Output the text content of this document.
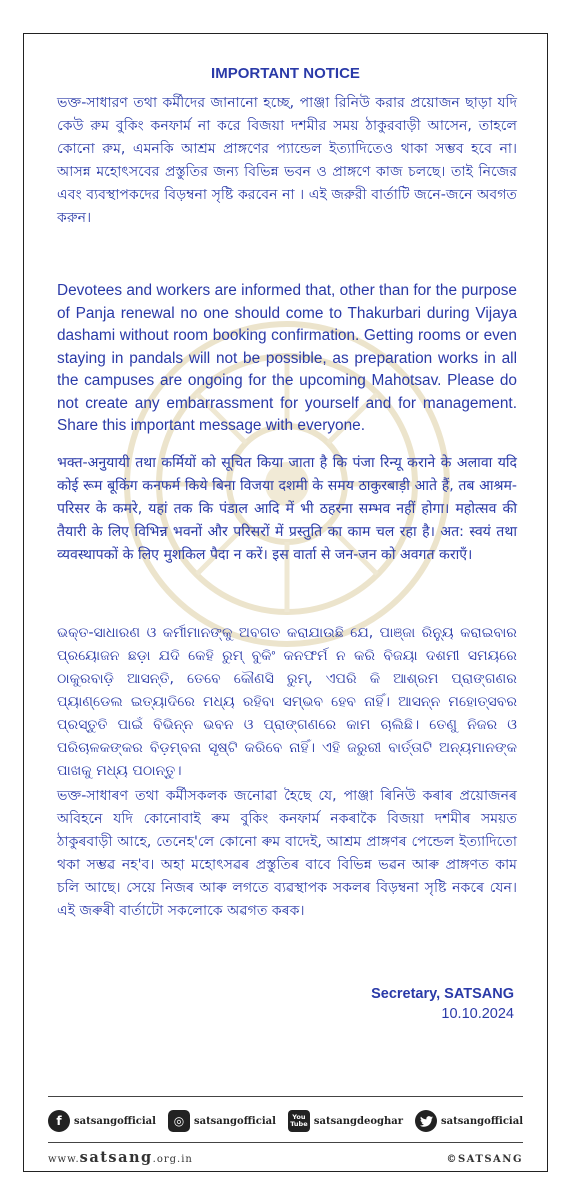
IMPORTANT NOTICE
ভক্ত-সাধারণ তথা কর্মীদের জানানো হচ্ছে, পাঞ্জা রিনিউ করার প্রয়োজন ছাড়া যদি কেউ রুম বুকিং কনফার্ম না করে বিজয়া দশমীর সময় ঠাকুরবাড়ী আসেন, তাহলে কোনো রুম, এমনকি আশ্রম প্রাঙ্গণের প্যান্ডেল ইত্যাদিতেও থাকা সম্ভব হবে না। আসন্ন মহোৎসবের প্রস্তুতির জন্য বিভিন্ন ভবন ও প্রাঙ্গণে কাজ চলছে। তাই নিজের এবং ব্যবস্থাপকদের বিড়ম্বনা সৃষ্টি করবেন না । এই জরুরী বার্তাটি জনে-জনে অবগত করুন।
Devotees and workers are informed that, other than for the purpose of Panja renewal no one should come to Thakurbari during Vijaya dashami without room booking confirmation. Getting rooms or even staying in pandals will not be possible, as preparation works in all the campuses are ongoing for the upcoming Mahotsav. Please do not create any embarrassment for yourself and for management. Share this important message with everyone.
भक्त-अनुयायी तथा कर्मियों को सूचित किया जाता है कि पंजा रिन्यू कराने के अलावा यदि कोई रूम बूकिंग कनफर्म किये बिना विजया दशमी के समय ठाकुरबाड़ी आते हैं, तब आश्रम-परिसर के कमरे, यहां तक कि पंडाल आदि में भी ठहरना सम्भव नहीं होगा। महोत्सव की तैयारी के लिए विभिन्न भवनों और परिसरों में प्रस्तुति का काम चल रहा है। अत: स्वयं तथा व्यवस्थापकों के लिए मुशकिल पैदा न करें। इस वार्ता से जन-जन को अवगत कराएँ।
ଭକ୍ତ-ସାଧାରଣ ଓ କର୍ମୀମାନଙ୍କୁ ଅବଗତ କରାଯାଉଛି ଯେ, ପାଞ୍ଜା ରିନ୍ୟୁ କରାଇବାର ପ୍ରୟୋଜନ ଛଡ଼ା ଯଦି କେହି ରୁମ୍ ବୁକିଂ କନଫର୍ମ ନ କରି ବିଜୟା ଦଶମୀ ସମୟରେ ଠାକୁରବାଡ଼ି ଆସନ୍ତି, ତେବେ କୌଣସି ରୁମ୍, ଏପରି କି ଆଶ୍ରମ ପ୍ରାଙ୍ଗଣର ପ୍ୟାଣ୍ଡେଲ ଇତ୍ୟାଦିରେ ମଧ୍ୟ ରହିବା ସମ୍ଭବ ହେବ ନାହିଁ। ଆସନ୍ନ ମହୋତ୍ସବର ପ୍ରସ୍ତୁତି ପାଇଁ ବିଭିନ୍ନ ଭବନ ଓ ପ୍ରାଙ୍ଗଣରେ କାମ ଚାଲିଛି। ତେଣୁ ନିଜର ଓ ପରିଚାଳକଙ୍କର ବିଡ଼ମ୍ବନା ସୃଷ୍ଟି କରିବେ ନାହିଁ। ଏହି ଜରୁରୀ ବାର୍ତ୍ତାଟି ଅନ୍ୟମାନଙ୍କ ପାଖକୁ ମଧ୍ୟ ପଠାନ୍ତୁ।
ভক্ত-সাধাৰণ তথা কৰ্মীসকলক জনোৱা হৈছে যে, পাঞ্জা ৰিনিউ কৰাৰ প্ৰয়োজনৰ অবিহনে যদি কোনোবাই ৰুম বুকিং কনফাৰ্ম নকৰাকৈ বিজয়া দশমীৰ সময়ত ঠাকুৰবাড়ী আহে, তেনেহ'লে কোনো ৰুম বাদেই, আশ্ৰম প্ৰাঙ্গণৰ পেন্ডেল ইত্যাদিতো থকা সম্ভৱ নহ'ব। অহা মহোৎসৱৰ প্ৰস্তুতিৰ বাবে বিভিন্ন ভৱন আৰু প্ৰাঙ্গণত কাম চলি আছে। সেয়ে নিজৰ আৰু লগতে ব্যৱস্থাপক সকলৰ বিড়ম্বনা সৃষ্টি নকৰে যেন। এই জৰুৰী বাৰ্তাটো সকলোকে অৱগত কৰক।
Secretary, SATSANG
10.10.2024
f	satsangofficial	◎ satsangofficial	You Tube satsangdeoghar	satsangofficial
www.satsang.org.in	©SATSANG
